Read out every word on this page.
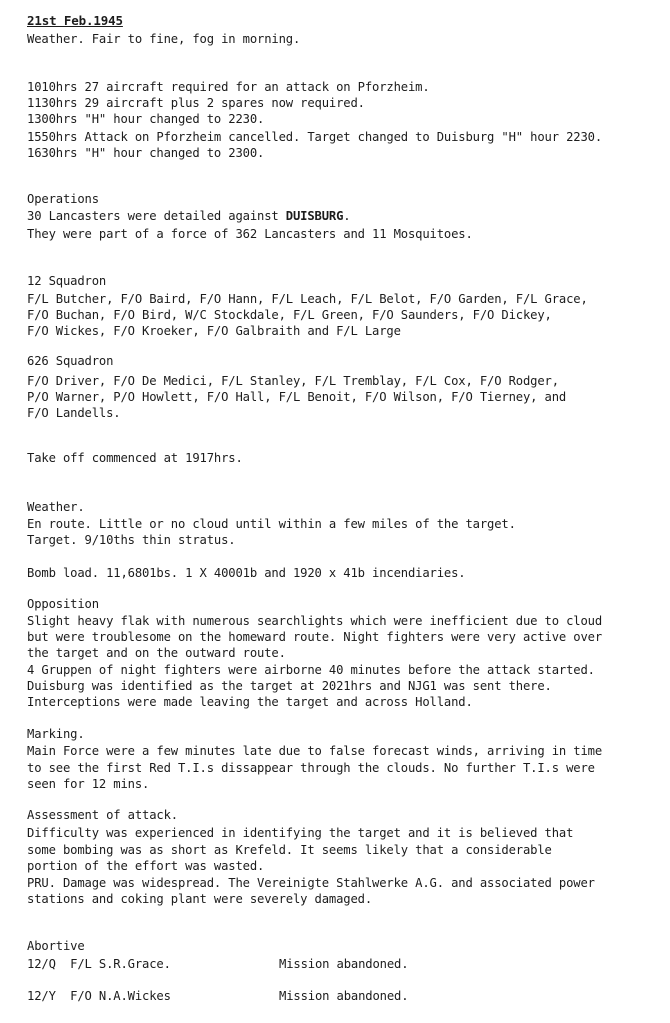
21st Feb.1945
Weather. Fair to fine, fog in morning.
1010hrs 27 aircraft required for an attack on Pforzheim.
1130hrs 29 aircraft plus 2 spares now required.
1300hrs "H" hour changed to 2230.
1550hrs Attack on Pforzheim cancelled. Target changed to Duisburg "H" hour 2230.
1630hrs "H" hour changed to 2300.
Operations
30 Lancasters were detailed against DUISBURG.
They were part of a force of 362 Lancasters and 11 Mosquitoes.
12 Squadron
F/L Butcher, F/O Baird, F/O Hann, F/L Leach, F/L Belot, F/O Garden, F/L Grace,
F/O Buchan, F/O Bird, W/C Stockdale, F/L Green, F/O Saunders, F/O Dickey,
F/O Wickes, F/O Kroeker, F/O Galbraith and F/L Large
626 Squadron
F/O Driver, F/O De Medici, F/L Stanley, F/L Tremblay, F/L Cox, F/O Rodger,
P/O Warner, P/O Howlett, F/O Hall, F/L Benoit, F/O Wilson, F/O Tierney, and
F/O Landells.
Take off commenced at 1917hrs.
Weather.
En route. Little or no cloud until within a few miles of the target.
Target. 9/10ths thin stratus.
Bomb load. 11,6801bs. 1 X 40001b and 1920 x 41b incendiaries.
Opposition
Slight heavy flak with numerous searchlights which were inefficient due to cloud
but were troublesome on the homeward route. Night fighters were very active over
the target and on the outward route.
4 Gruppen of night fighters were airborne 40 minutes before the attack started.
Duisburg was identified as the target at 2021hrs and NJG1 was sent there.
Interceptions were made leaving the target and across Holland.
Marking.
Main Force were a few minutes late due to false forecast winds, arriving in time
to see the first Red T.I.s dissappear through the clouds. No further T.I.s were
seen for 12 mins.
Assessment of attack.
Difficulty was experienced in identifying the target and it is believed that
some bombing was as short as Krefeld. It seems likely that a considerable
portion of the effort was wasted.
PRU. Damage was widespread. The Vereinigte Stahlwerke A.G. and associated power
stations and coking plant were severely damaged.
Abortive
12/Q F/L S.R.Grace.	Mission abandoned.
12/Y F/O N.A.Wickes	Mission abandoned.
